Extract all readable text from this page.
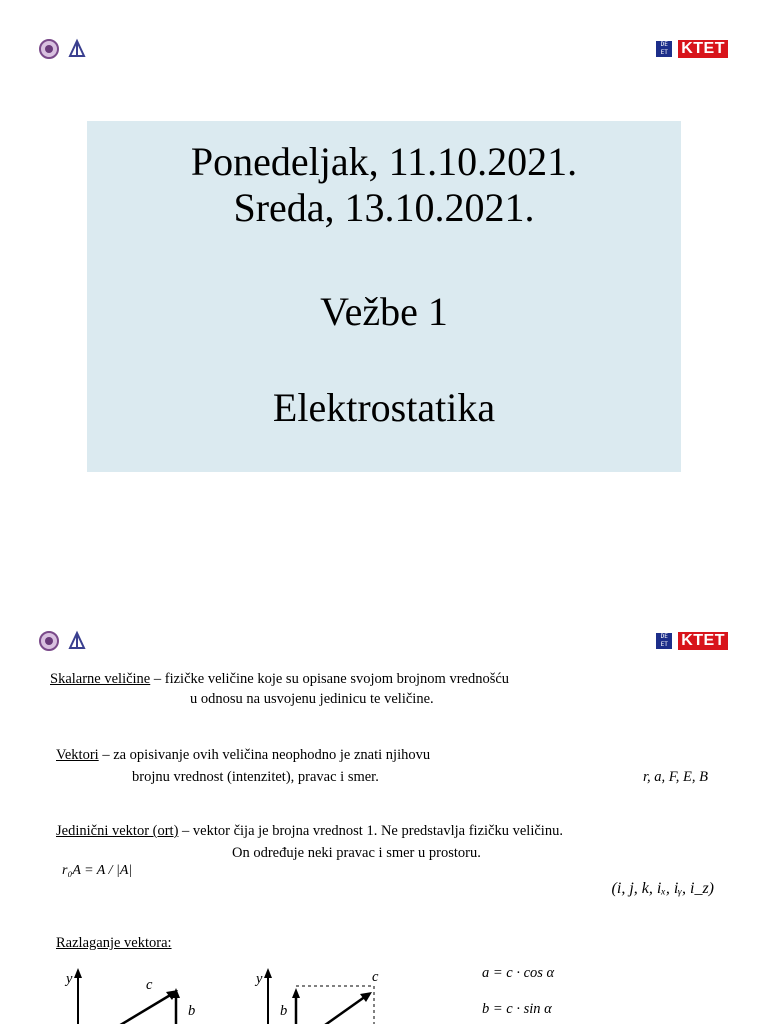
DE
ET KTET
Ponedeljak, 11.10.2021.
Sreda, 13.10.2021.
Vežbe 1
Elektrostatika
DE
ET KTET
Skalarne veličine – fizičke veličine koje su opisane svojom brojnom vrednošću
u odnosu na usvojenu jedinicu te veličine.
Vektori – za opisivanje ovih veličina neophodno je znati njihovu
brojnu vrednost (intenzitet), pravac i smer.	r, a, F, E, B
Jedinični vektor (ort) – vektor čija je brojna vrednost 1. Ne predstavlja fizičku veličinu.
On određuje neki pravac i smer u prostoru.
r₀A = A / |A|
(i, j, k, iₓ, iᵧ, i_z)
Razlaganje vektora:
y	c
b
y	c
b
a = c · cos α
b = c · sin α
